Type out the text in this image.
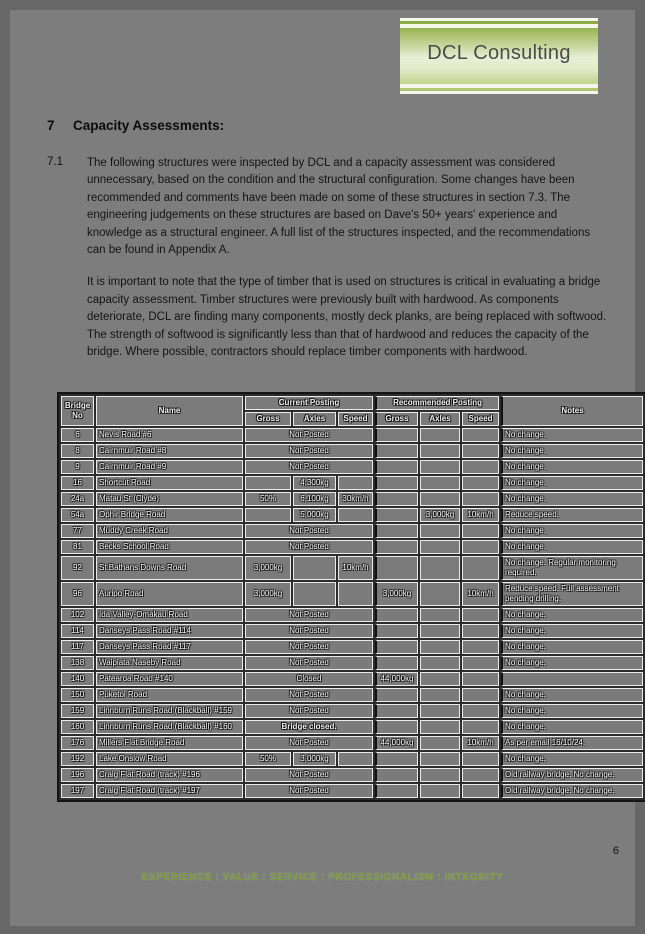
DCL Consulting
7	Capacity Assessments:
7.1	The following structures were inspected by DCL and a capacity assessment was considered unnecessary, based on the condition and the structural configuration. Some changes have been recommended and comments have been made on some of these structures in section 7.3. The engineering judgements on these structures are based on Dave's 50+ years' experience and knowledge as a structural engineer. A full list of the structures inspected, and the recommendations can be found in Appendix A.
It is important to note that the type of timber that is used on structures is critical in evaluating a bridge capacity assessment. Timber structures were previously built with hardwood. As components deteriorate, DCL are finding many components, mostly deck planks, are being replaced with softwood. The strength of softwood is significantly less than that of hardwood and reduces the capacity of the bridge. Where possible, contractors should replace timber components with hardwood.
Bridge
No	Name	Current Posting			Recommended Posting			Notes
		Gross	Axles	Speed	Gross	Axles	Speed	
6	Nevis Road #6	Not Posted						No change.
8	Cairnmuir Road #8	Not Posted						No change.
9	Cairnmuir Road #9	Not Posted						No change.
16	Shortcut Road		4,300kg					No change.
24a	Matau St (Clyde)	50%	6,100kg	30km/h				No change.
54a	Ophir Bridge Road		5,000kg			3,000kg	10km/h	Reduce speed.
77	Muddy Creek Road	Not Posted						No change.
81	Becks School Road	Not Posted						No change.
92	St Bathans Downs Road	3,000kg		10km/h				No change. Regular monitoring required.
96	Auripo Road	3,000kg			3,000kg		10km/h	Reduce speed. Full assessment pending drilling.
102	Ida Valley-Omakau Road	Not Posted						No change.
114	Danseys Pass Road #114	Not Posted						No change.
117	Danseys Pass Road #117	Not Posted						No change.
138	Waipiata Naseby Road	Not Posted						No change.
140	Patearoa Road #140	Closed			44,000kg			
150	Puketoi Road	Not Posted						No change.
159	Linnburn Runs Road (Blackball) #159	Not Posted						No change.
160	Linnburn Runs Road (Blackball) #160	Bridge closed.						No change.
176	Millers Flat Bridge Road	Not Posted			44,000kg		10km/h	As per email 16/10/24.
192	Lake Onslow Road	50%	3,000kg					No change.
196	Craig Flat Road (track) #196	Not Posted						Old railway bridge. No change.
197	Craig Flat Road (track) #197	Not Posted						Old railway bridge. No change.
6
EXPERIENCE : VALUE : SERVICE : PROFESSIONALISM : INTEGRITY
